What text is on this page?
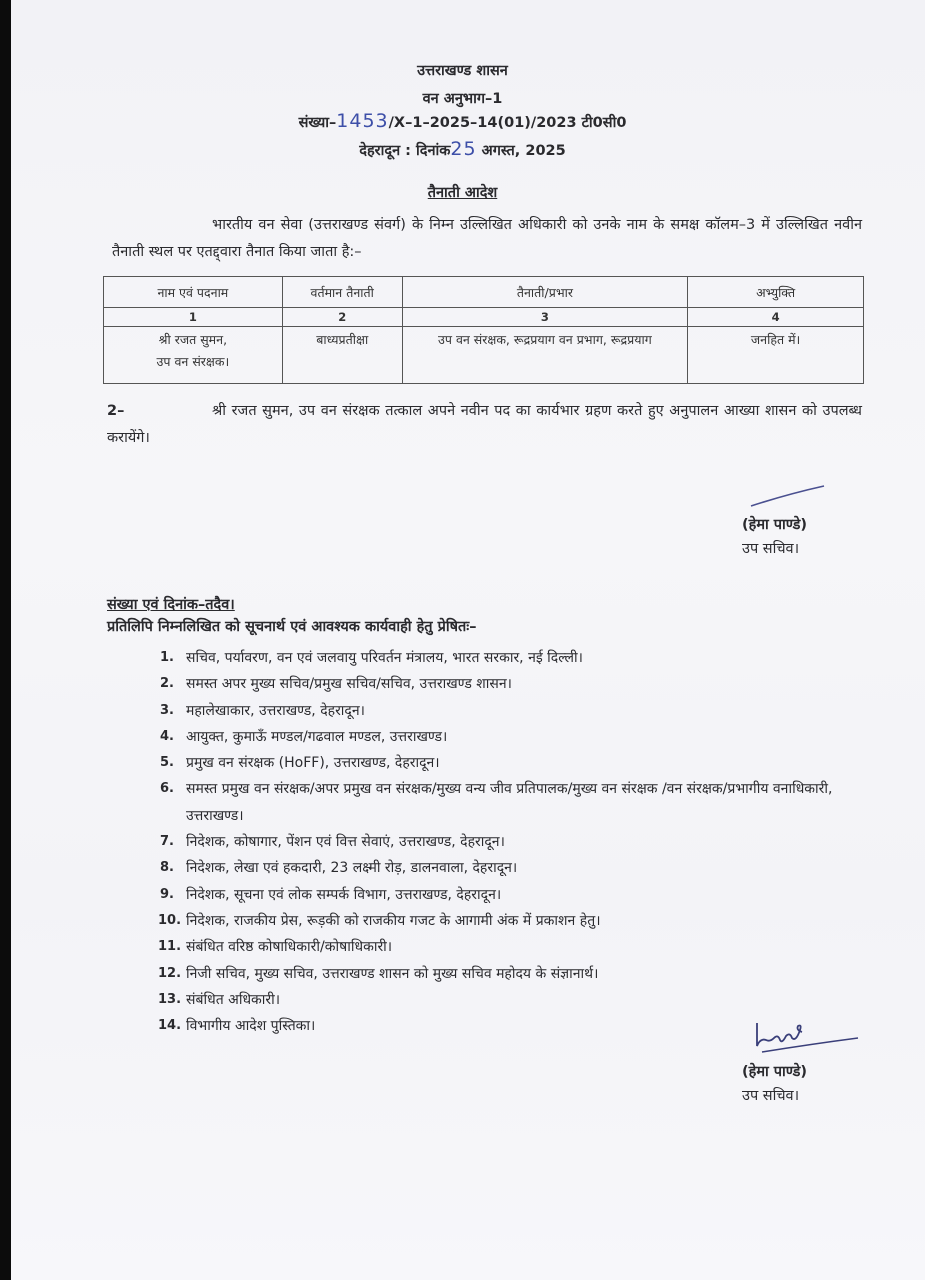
उत्तराखण्ड शासन
वन अनुभाग–1
संख्या–1453/X–1–2025–14(01)/2023 टी0सी0
देहरादून : दिनांक25 अगस्त, 2025
तैनाती आदेश
भारतीय वन सेवा (उत्तराखण्ड संवर्ग) के निम्न उल्लिखित अधिकारी को उनके नाम के समक्ष कॉलम–3 में उल्लिखित नवीन तैनाती स्थल पर एतद्द्वारा तैनात किया जाता है:–
नाम एवं पदनाम	वर्तमान तैनाती	तैनाती/प्रभार	अभ्युक्ति
1	2	3	4

श्री रजत सुमन,
उप वन संरक्षक।	बाध्यप्रतीक्षा	उप वन संरक्षक, रूद्रप्रयाग वन प्रभाग, रूद्रप्रयाग	जनहित में।
2–	श्री रजत सुमन, उप वन संरक्षक तत्काल अपने नवीन पद का कार्यभार ग्रहण करते हुए अनुपालन आख्या शासन को उपलब्ध करायेंगे।
(हेमा पाण्डे)
उप सचिव।
संख्या एवं दिनांक–तदैव।
प्रतिलिपि निम्नलिखित को सूचनार्थ एवं आवश्यक कार्यवाही हेतु प्रेषितः–
1. सचिव, पर्यावरण, वन एवं जलवायु परिवर्तन मंत्रालय, भारत सरकार, नई दिल्ली।
2. समस्त अपर मुख्य सचिव/प्रमुख सचिव/सचिव, उत्तराखण्ड शासन।
3. महालेखाकार, उत्तराखण्ड, देहरादून।
4. आयुक्त, कुमाऊँ मण्डल/गढवाल मण्डल, उत्तराखण्ड।
5. प्रमुख वन संरक्षक (HoFF), उत्तराखण्ड, देहरादून।
6. समस्त प्रमुख वन संरक्षक/अपर प्रमुख वन संरक्षक/मुख्य वन्य जीव प्रतिपालक/मुख्य वन संरक्षक /वन संरक्षक/प्रभागीय वनाधिकारी, उत्तराखण्ड।
7. निदेशक, कोषागार, पेंशन एवं वित्त सेवाएं, उत्तराखण्ड, देहरादून।
8. निदेशक, लेखा एवं हकदारी, 23 लक्ष्मी रोड़, डालनवाला, देहरादून।
9. निदेशक, सूचना एवं लोक सम्पर्क विभाग, उत्तराखण्ड, देहरादून।
10. निदेशक, राजकीय प्रेस, रूड़की को राजकीय गजट के आगामी अंक में प्रकाशन हेतु।
11. संबंधित वरिष्ठ कोषाधिकारी/कोषाधिकारी।
12. निजी सचिव, मुख्य सचिव, उत्तराखण्ड शासन को मुख्य सचिव महोदय के संज्ञानार्थ।
13. संबंधित अधिकारी।
14. विभागीय आदेश पुस्तिका।
(हेमा पाण्डे)
उप सचिव।
